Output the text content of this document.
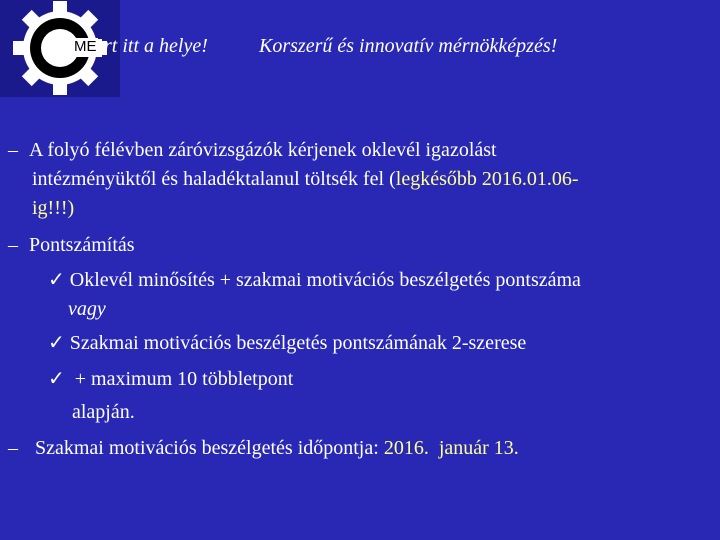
ME rt itt a helye!	Korszerű és innovatív mérnökképzés!
– A folyó félévben záróvizsgázók kérjenek oklevél igazolást
intézményüktől és haladéktalanul töltsék fel (legkésőbb 2016.01.06-
ig!!!)
– Pontszámítás
✓ Oklevél minősítés + szakmai motivációs beszélgetés pontszáma
vagy
✓ Szakmai motivációs beszélgetés pontszámának 2-szerese
✓  + maximum 10 többletpont
alapján.
– Szakmai motivációs beszélgetés időpontja: 2016.  január 13.
